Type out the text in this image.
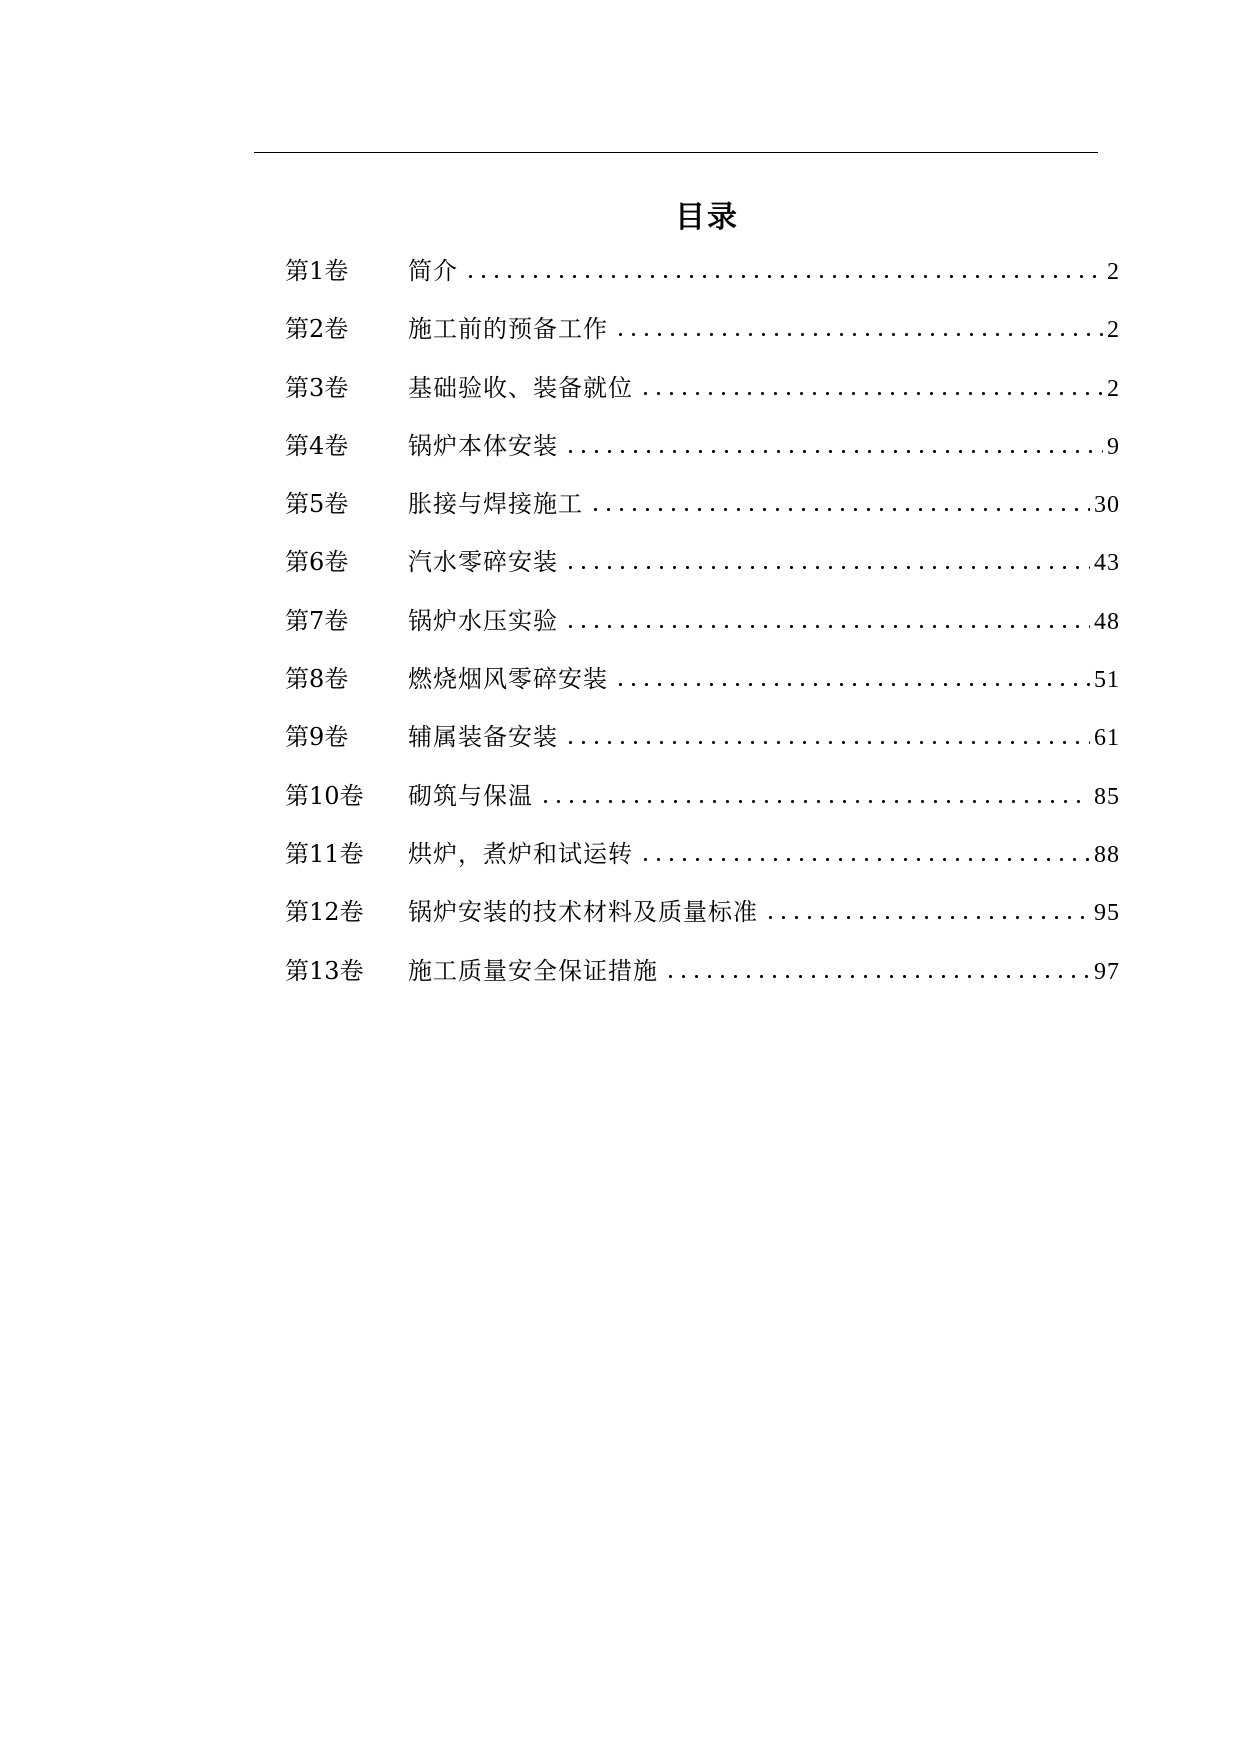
目录
第1卷	简介	2
第2卷	施工前的预备工作	2
第3卷	基础验收、装备就位	2
第4卷	锅炉本体安装	9
第5卷	胀接与焊接施工	30
第6卷	汽水零碎安装	43
第7卷	锅炉水压实验	48
第8卷	燃烧烟风零碎安装	51
第9卷	辅属装备安装	61
第10卷	砌筑与保温	85
第11卷	烘炉，煮炉和试运转	88
第12卷	锅炉安装的技术材料及质量标准	95
第13卷	施工质量安全保证措施	97
